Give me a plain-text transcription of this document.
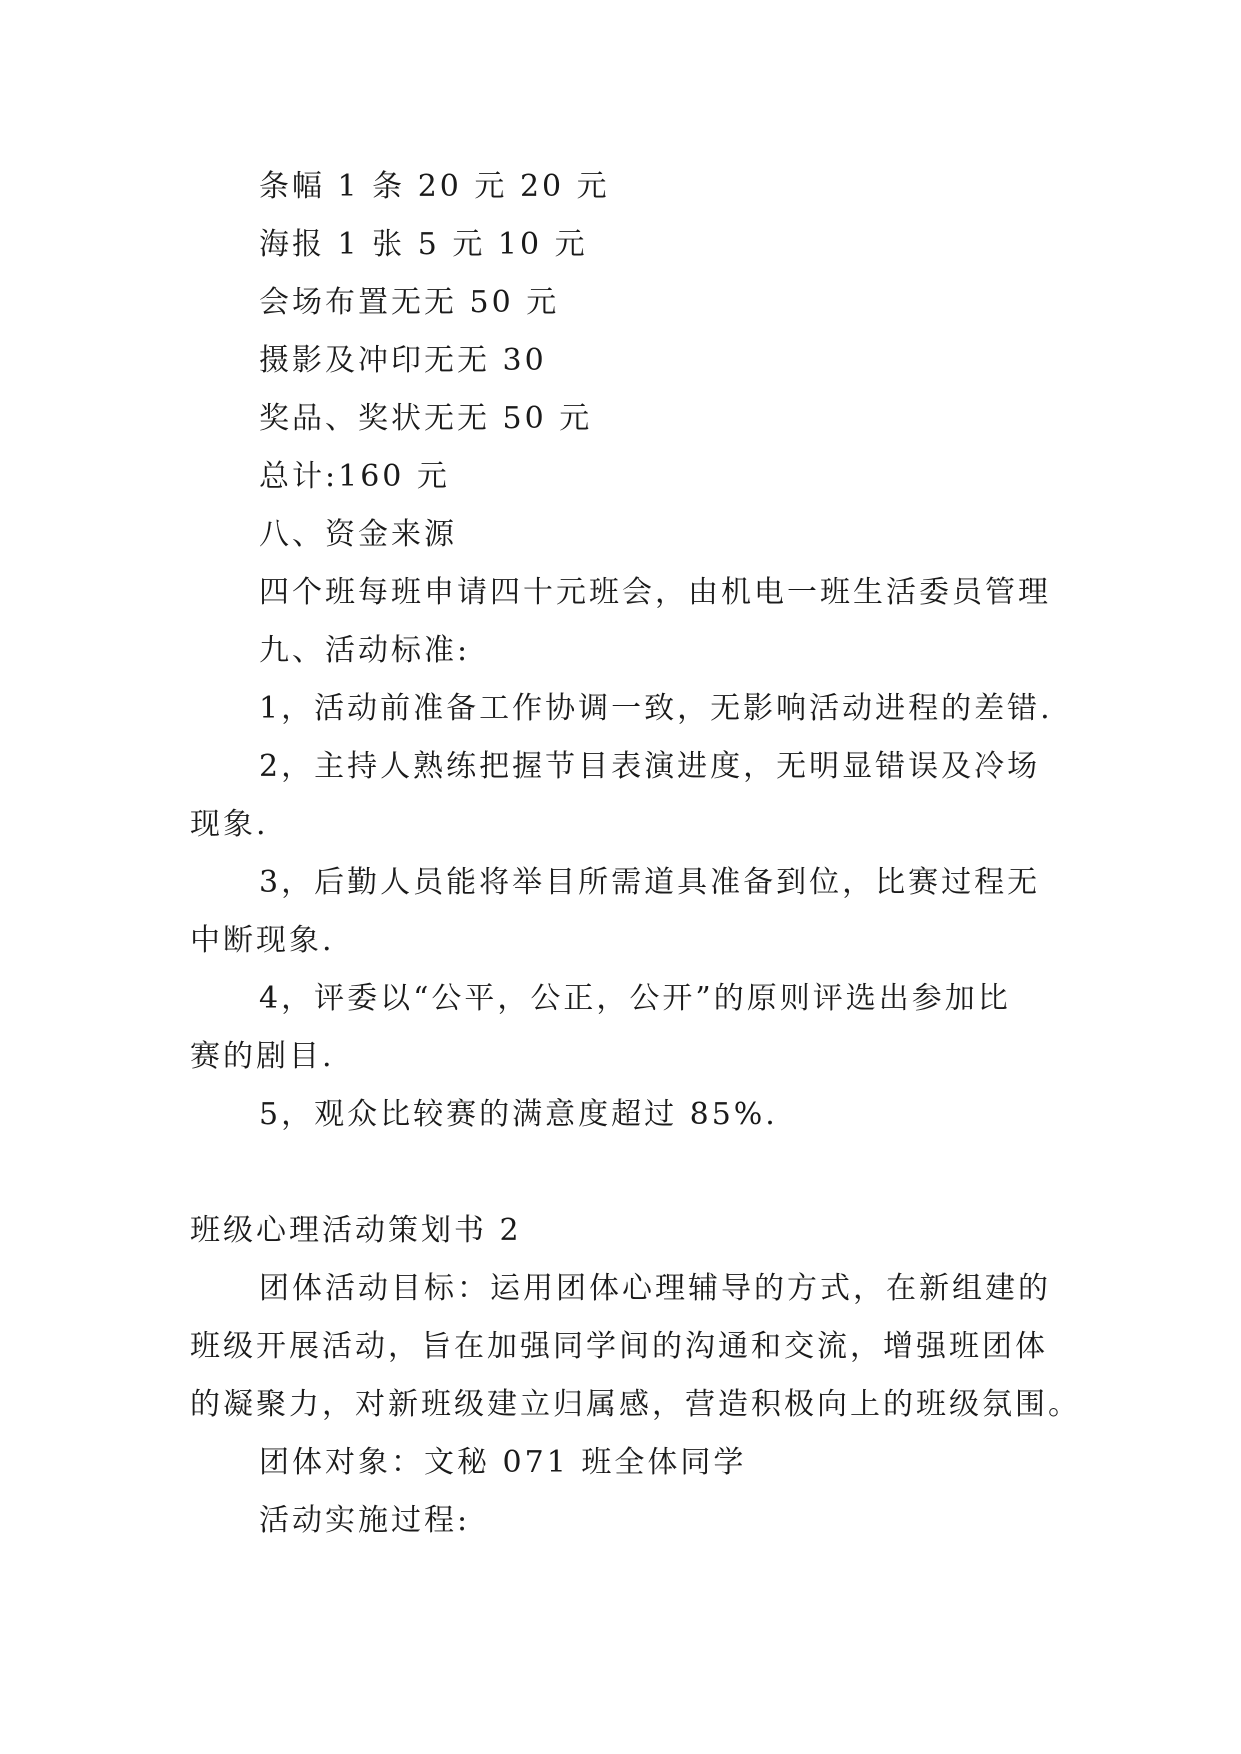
条幅 1 条 20 元 20 元

海报 1 张 5 元 10 元

会场布置无无 50 元

摄影及冲印无无 30

奖品、奖状无无 50 元

总计:160 元

八、资金来源

四个班每班申请四十元班会，由机电一班生活委员管理

九、活动标准:

1，活动前准备工作协调一致，无影响活动进程的差错.

2，主持人熟练把握节目表演进度，无明显错误及冷场

现象.

3，后勤人员能将举目所需道具准备到位，比赛过程无

中断现象.

4，评委以“公平，公正，公开”的原则评选出参加比

赛的剧目.

5，观众比较赛的满意度超过 85%.

班级心理活动策划书 2

团体活动目标：运用团体心理辅导的方式，在新组建的

班级开展活动，旨在加强同学间的沟通和交流，增强班团体

的凝聚力，对新班级建立归属感，营造积极向上的班级氛围。

团体对象：文秘 071 班全体同学

活动实施过程:
